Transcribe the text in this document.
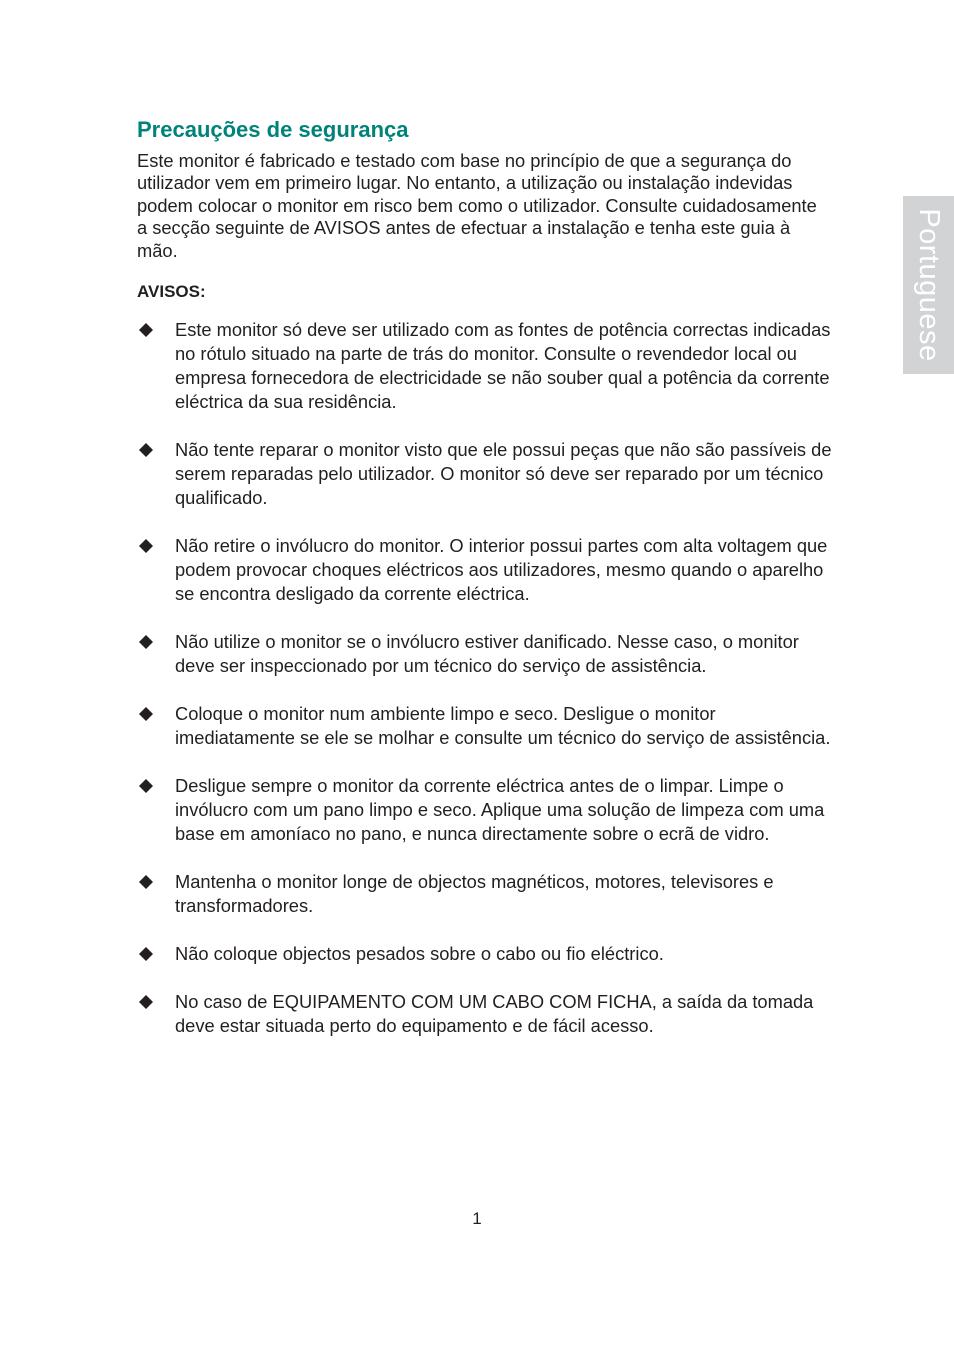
Precauções de segurança

Este monitor é fabricado e testado com base no princípio de que a segurança do utilizador vem em primeiro lugar. No entanto, a utilização ou instalação indevidas podem colocar o monitor em risco bem como o utilizador. Consulte cuidadosamente a secção seguinte de AVISOS antes de efectuar a instalação e tenha este guia à mão.

AVISOS:

Este monitor só deve ser utilizado com as fontes de potência correctas indicadas no rótulo situado na parte de trás do monitor. Consulte o revendedor local ou empresa fornecedora de electricidade se não souber qual a potência da corrente eléctrica da sua residência.
Não tente reparar o monitor visto que ele possui peças que não são passíveis de serem reparadas pelo utilizador. O monitor só deve ser reparado por um técnico qualificado.
Não retire o invólucro do monitor. O interior possui partes com alta voltagem que podem provocar choques eléctricos aos utilizadores, mesmo quando o aparelho se encontra desligado da corrente eléctrica.
Não utilize o monitor se o invólucro estiver danificado. Nesse caso, o monitor deve ser inspeccionado por um técnico do serviço de assistência.
Coloque o monitor num ambiente limpo e seco. Desligue o monitor imediatamente se ele se molhar e consulte um técnico do serviço de assistência.
Desligue sempre o monitor da corrente eléctrica antes de o limpar. Limpe o invólucro com um pano limpo e seco. Aplique uma solução de limpeza com uma base em amoníaco no pano, e nunca directamente sobre o ecrã de vidro.
Mantenha o monitor longe de objectos magnéticos, motores, televisores e transformadores.
Não coloque objectos pesados sobre o cabo ou fio eléctrico.
No caso de EQUIPAMENTO COM UM CABO COM FICHA, a saída da tomada deve estar situada perto do equipamento e de fácil acesso.
Portuguese
1
